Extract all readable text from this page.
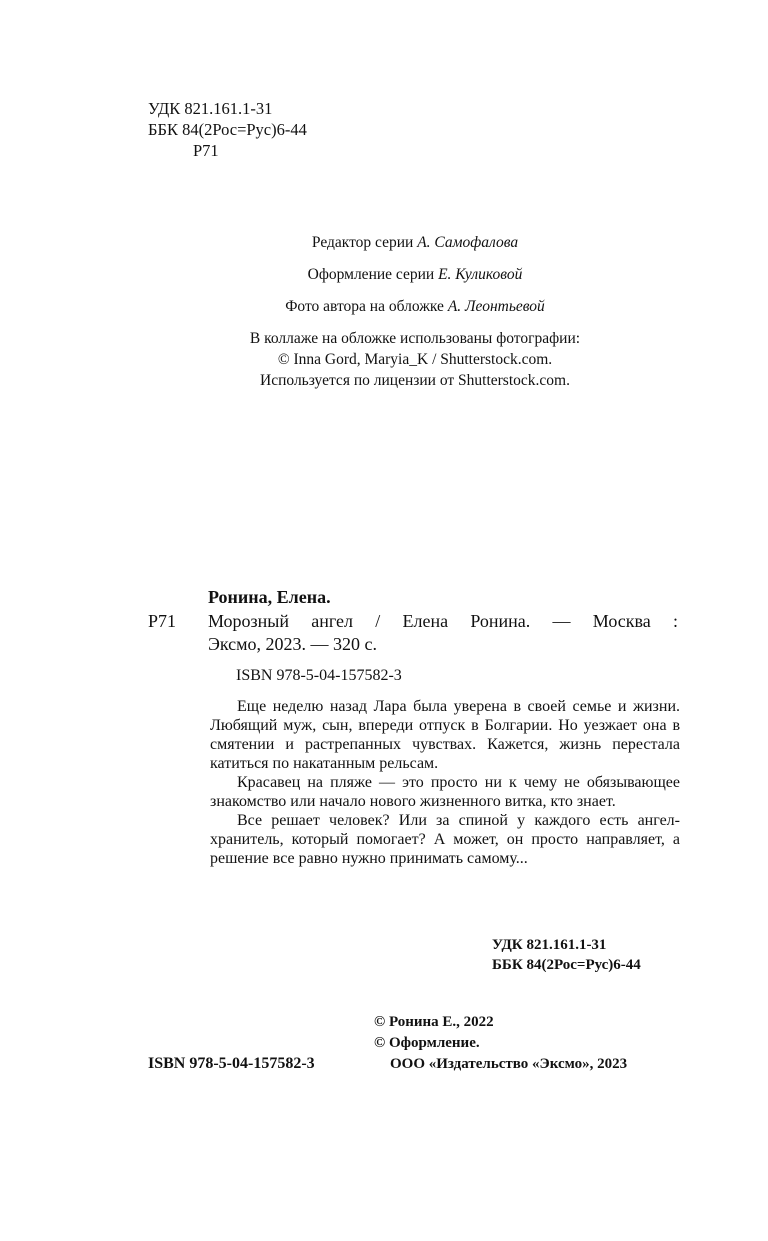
УДК 821.161.1-31
ББК 84(2Рос=Рус)6-44
Р71
Редактор серии А. Самофалова
Оформление серии Е. Куликовой
Фото автора на обложке А. Леонтьевой
В коллаже на обложке использованы фотографии:
© Inna Gord, Maryia_K / Shutterstock.com.
Используется по лицензии от Shutterstock.com.
Ронина, Елена.
Р71 Морозный ангел / Елена Ронина. — Москва :
Эксмо, 2023. — 320 с.
ISBN 978-5-04-157582-3

Еще неделю назад Лара была уверена в своей семье и жизни. Любящий муж, сын, впереди отпуск в Болгарии. Но уезжает она в смятении и растрепанных чувствах. Кажется, жизнь перестала катиться по накатанным рельсам.

Красавец на пляже — это просто ни к чему не обязывающее знакомство или начало нового жизненного витка, кто знает.

Все решает человек? Или за спиной у каждого есть ангел-хранитель, который помогает? А может, он просто направляет, а решение все равно нужно принимать самому...

УДК 821.161.1-31
ББК 84(2Рос=Рус)6-44
© Ронина Е., 2022
© Оформление.
ISBN 978-5-04-157582-3	ООО «Издательство «Эксмо», 2023
